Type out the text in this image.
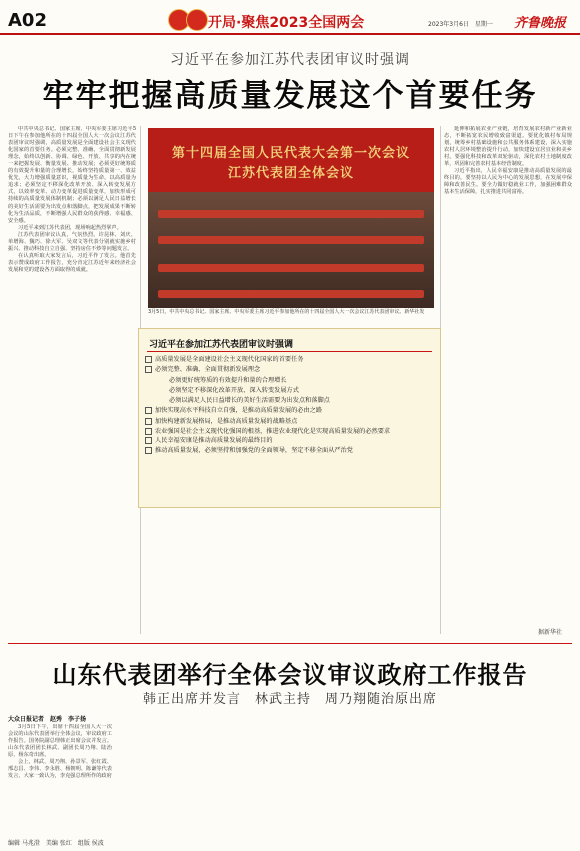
A02	开局·聚焦2023全国两会	2023年3月6日　星期一 齐鲁晚报
习近平在参加江苏代表团审议时强调
牢牢把握高质量发展这个首要任务

中共中央总书记、国家主席、中央军委主席习近平5日下午在参加他所在的十四届全国人大一次会议江苏代表团审议时强调，高质量发展是全面建设社会主义现代化国家的首要任务。必须完整、准确、全面贯彻新发展理念，始终以创新、协调、绿色、开放、共享的内在统一来把握发展、衡量发展、推动发展；必须更好统筹质的有效提升和量的合理增长，始终坚持质量第一、效益优先，大力增强质量意识，视质量为生命，以高质量为追求；必须坚定不移深化改革开放、深入转变发展方式，以效率变革、动力变革促进质量变革，加快形成可持续的高质量发展体制机制；必须以满足人民日益增长的美好生活需要为出发点和落脚点，把发展成果不断转化为生活品质，不断增强人民群众的获得感、幸福感、安全感。

习近平来到江苏代表团，现场响起热烈掌声。

江苏代表团审议认真，气氛热烈。许昆林、刘庆、单增海、魏巧、徐大军、吴双文等代表分别就实施乡村振兴、推动科技自立自强、坚持房住不炒等问题发言。

在认真听取大家发言后，习近平作了发言。他首先表示赞成政府工作报告，充分肯定江苏近年来经济社会发展和党的建设各方面取得的成就。

第十四届全国人民代表大会第一次会议
江苏代表团全体会议
3月5日，中共中央总书记、国家主席、中央军委主席习近平参加他所在的十四届全国人大一次会议江苏代表团审议。新华社发

延伸和拓展农业产业链，培育发展农村新产业新业态，不断拓宽农民增收致富渠道。要优化镇村布局规划，统筹乡村基础设施和公共服务体系建设，深入实施农村人居环境整治提升行动，加快建设宜居宜业和美乡村。要强化科技和改革双轮驱动，深化农村土地制度改革，巩固和完善农村基本经营制度。

习近平指出，人民幸福安康是推动高质量发展的最终目的。要坚持以人民为中心的发展思想，在发展中保障和改善民生。要全力做好稳就业工作，加强困难群众基本生活保障，扎实推进共同富裕。

习近平在参加江苏代表团审议时强调
高质量发展是全面建设社会主义现代化国家的首要任务
必须完整、准确、全面贯彻新发展理念
必须更好统筹质的有效提升和量的合理增长
必须坚定不移深化改革开放、深入转变发展方式
必须以满足人民日益增长的美好生活需要为出发点和落脚点
加快实现高水平科技自立自强，是推动高质量发展的必由之路
加快构建新发展格局，是推动高质量发展的战略基点
农业强国是社会主义现代化强国的根基，推进农业现代化是实现高质量发展的必然要求
人民幸福安康是推动高质量发展的最终目的
推动高质量发展，必须坚持和加强党的全面领导，坚定不移全面从严治党
据新华社
山东代表团举行全体会议审议政府工作报告
韩正出席并发言　林武主持　周乃翔随治原出席
大众日报记者　赵秀　李子扬

3月5日下午，出席十四届全国人大一次会议的山东代表团举行全体会议，审议政府工作报告。国务院副总理韩正出席会议并发言。山东代表团团长林武、副团长周乃翔、陆治原、杨东奇出席。

会上，林武、周乃翔、孙景军、张红霞、邢志昌、李伟、李永胜、杨朝明、陈谦等代表发言，大家一致认为，李克强总理所作的政府

编辑 马兆澄　美编 张红　组版 侯波
